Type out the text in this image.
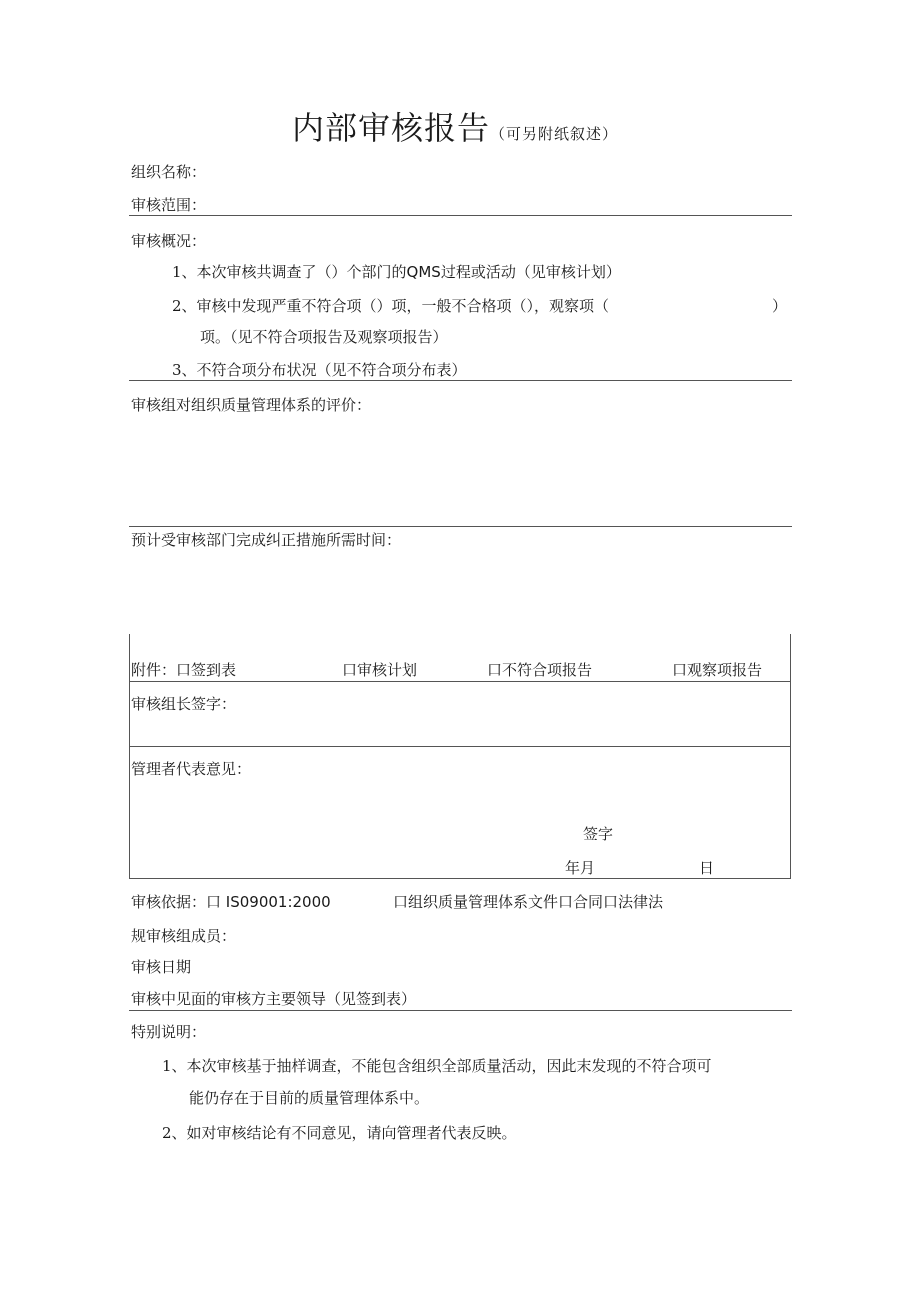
内部审核报告（可另附纸叙述）
组织名称：
审核范围：
审核概况：
1、本次审核共调查了（）个部门的QMS过程或活动（见审核计划）
2、审核中发现严重不符合项（）项，一般不合格项（），观察项（	）
项。（见不符合项报告及观察项报告）
3、不符合项分布状况（见不符合项分布表）
审核组对组织质量管理体系的评价：
预计受审核部门完成纠正措施所需时间：
附件：口签到表	口审核计划	口不符合项报告	口观察项报告
审核组长签字：
管理者代表意见：
签字
年月	日
审核依据：口 IS09001:2000	口组织质量管理体系文件口合同口法律法
规审核组成员：
审核日期
审核中见面的审核方主要领导（见签到表）
特别说明：
1、本次审核基于抽样调查，不能包含组织全部质量活动，因此末发现的不符合项可
能仍存在于目前的质量管理体系中。
2、如对审核结论有不同意见，请向管理者代表反映。
